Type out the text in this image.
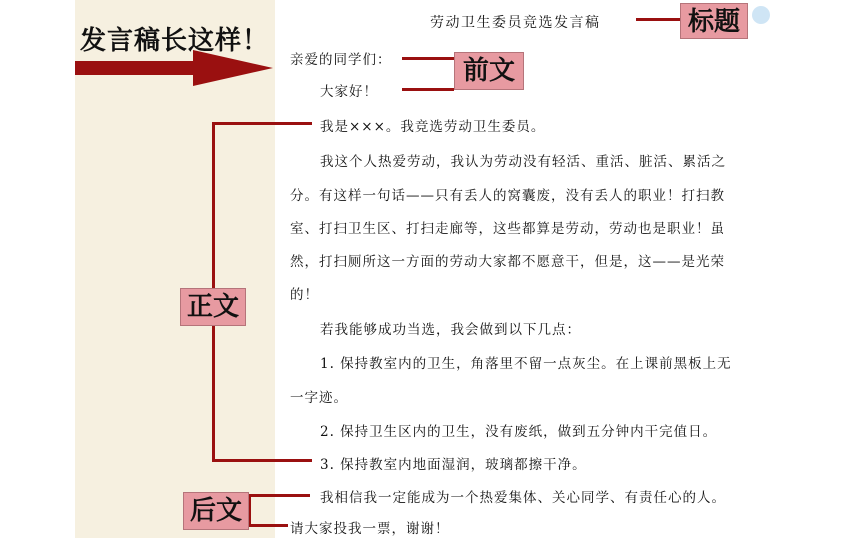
发言稿长这样！
劳动卫生委员竞选发言稿	标题
亲爱的同学们：
大家好！
前文
正文
我是×××。我竞选劳动卫生委员。
我这个人热爱劳动，我认为劳动没有轻活、重活、脏活、累活之
分。有这样一句话——只有丢人的窝囊废，没有丢人的职业！打扫教
室、打扫卫生区、打扫走廊等，这些都算是劳动，劳动也是职业！虽
然，打扫厕所这一方面的劳动大家都不愿意干，但是，这——是光荣
的！
若我能够成功当选，我会做到以下几点：
1. 保持教室内的卫生，角落里不留一点灰尘。在上课前黑板上无
一字迹。
2. 保持卫生区内的卫生，没有废纸，做到五分钟内干完值日。
3. 保持教室内地面湿润，玻璃都擦干净。
后文	我相信我一定能成为一个热爱集体、关心同学、有责任心的人。
请大家投我一票，谢谢！
